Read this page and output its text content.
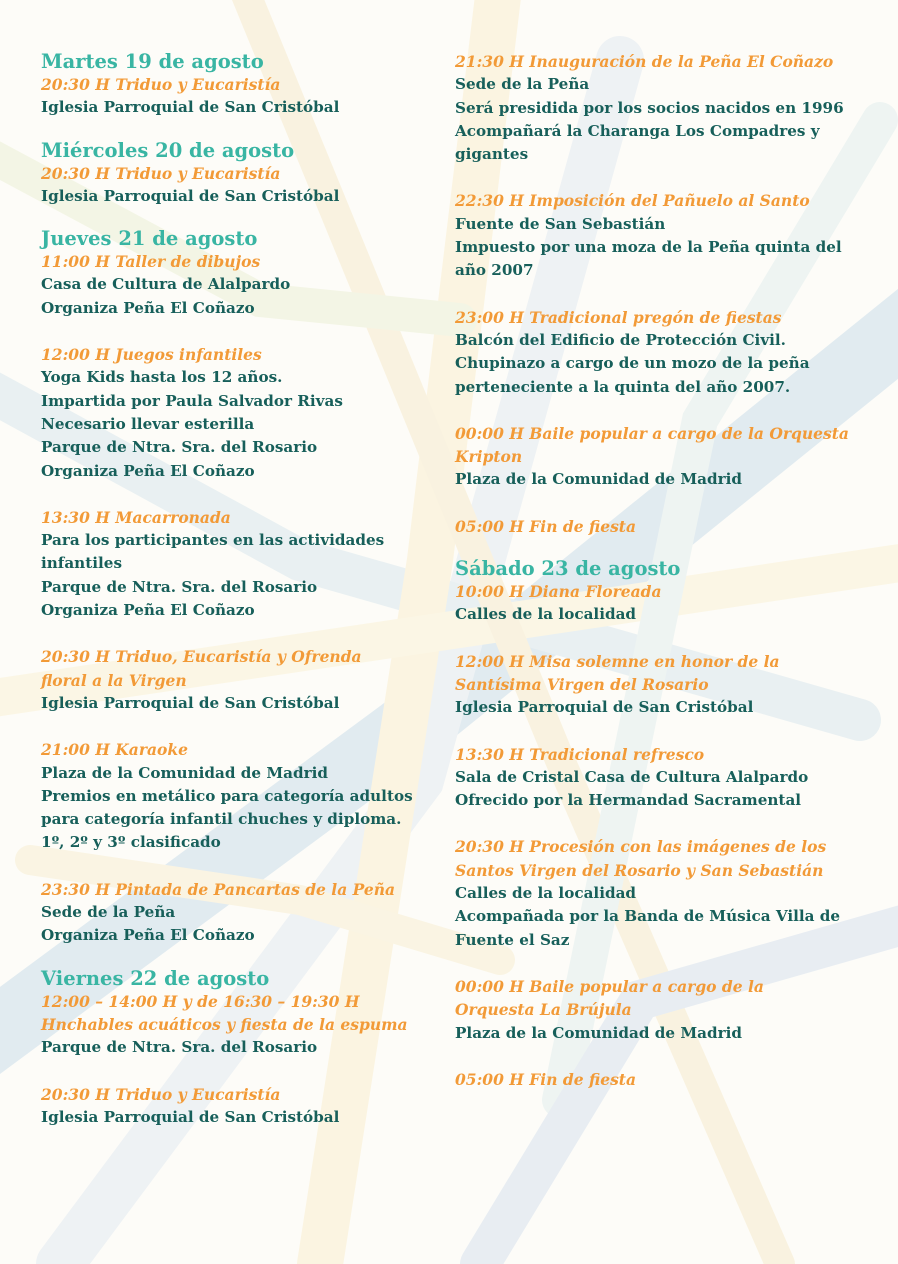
Martes 19 de agosto
20:30 H Triduo y Eucaristía
Iglesia Parroquial de San Cristóbal
Miércoles 20 de agosto
20:30 H Triduo y Eucaristía
Iglesia Parroquial de San Cristóbal
Jueves 21 de agosto
11:00 H Taller de dibujos
Casa de Cultura de Alalpardo
Organiza Peña El Coñazo
12:00 H Juegos infantiles
Yoga Kids hasta los 12 años.
Impartida por Paula Salvador Rivas
Necesario llevar esterilla
Parque de Ntra. Sra. del Rosario
Organiza Peña El Coñazo
13:30 H Macarronada
Para los participantes en las actividades
infantiles
Parque de Ntra. Sra. del Rosario
Organiza Peña El Coñazo
20:30 H Triduo, Eucaristía y Ofrenda
floral a la Virgen
Iglesia Parroquial de San Cristóbal
21:00 H Karaoke
Plaza de la Comunidad de Madrid
Premios en metálico para categoría adultos
para categoría infantil chuches y diploma.
1º, 2º y 3º clasificado
23:30 H Pintada de Pancartas de la Peña
Sede de la Peña
Organiza Peña El Coñazo
Viernes 22 de agosto
12:00 – 14:00 H y de 16:30 – 19:30 H
Hnchables acuáticos y fiesta de la espuma
Parque de Ntra. Sra. del Rosario
20:30 H Triduo y Eucaristía
Iglesia Parroquial de San Cristóbal
21:30 H Inauguración de la Peña El Coñazo
Sede de la Peña
Será presidida por los socios nacidos en 1996
Acompañará la Charanga Los Compadres y
gigantes
22:30 H Imposición del Pañuelo al Santo
Fuente de San Sebastián
Impuesto por una moza de la Peña quinta del
año 2007
23:00 H Tradicional pregón de fiestas
Balcón del Edificio de Protección Civil.
Chupinazo a cargo de un mozo de la peña
perteneciente a la quinta del año 2007.
00:00 H Baile popular a cargo de la Orquesta
Kripton
Plaza de la Comunidad de Madrid
05:00 H Fin de fiesta
Sábado 23 de agosto
10:00 H Diana Floreada
Calles de la localidad
12:00 H Misa solemne en honor de la
Santísima Virgen del Rosario
Iglesia Parroquial de San Cristóbal
13:30 H Tradicional refresco
Sala de Cristal Casa de Cultura Alalpardo
Ofrecido por la Hermandad Sacramental
20:30 H Procesión con las imágenes de los
Santos Virgen del Rosario y San Sebastián
Calles de la localidad
Acompañada por la Banda de Música Villa de
Fuente el Saz
00:00 H Baile popular a cargo de la
Orquesta La Brújula
Plaza de la Comunidad de Madrid
05:00 H Fin de fiesta
